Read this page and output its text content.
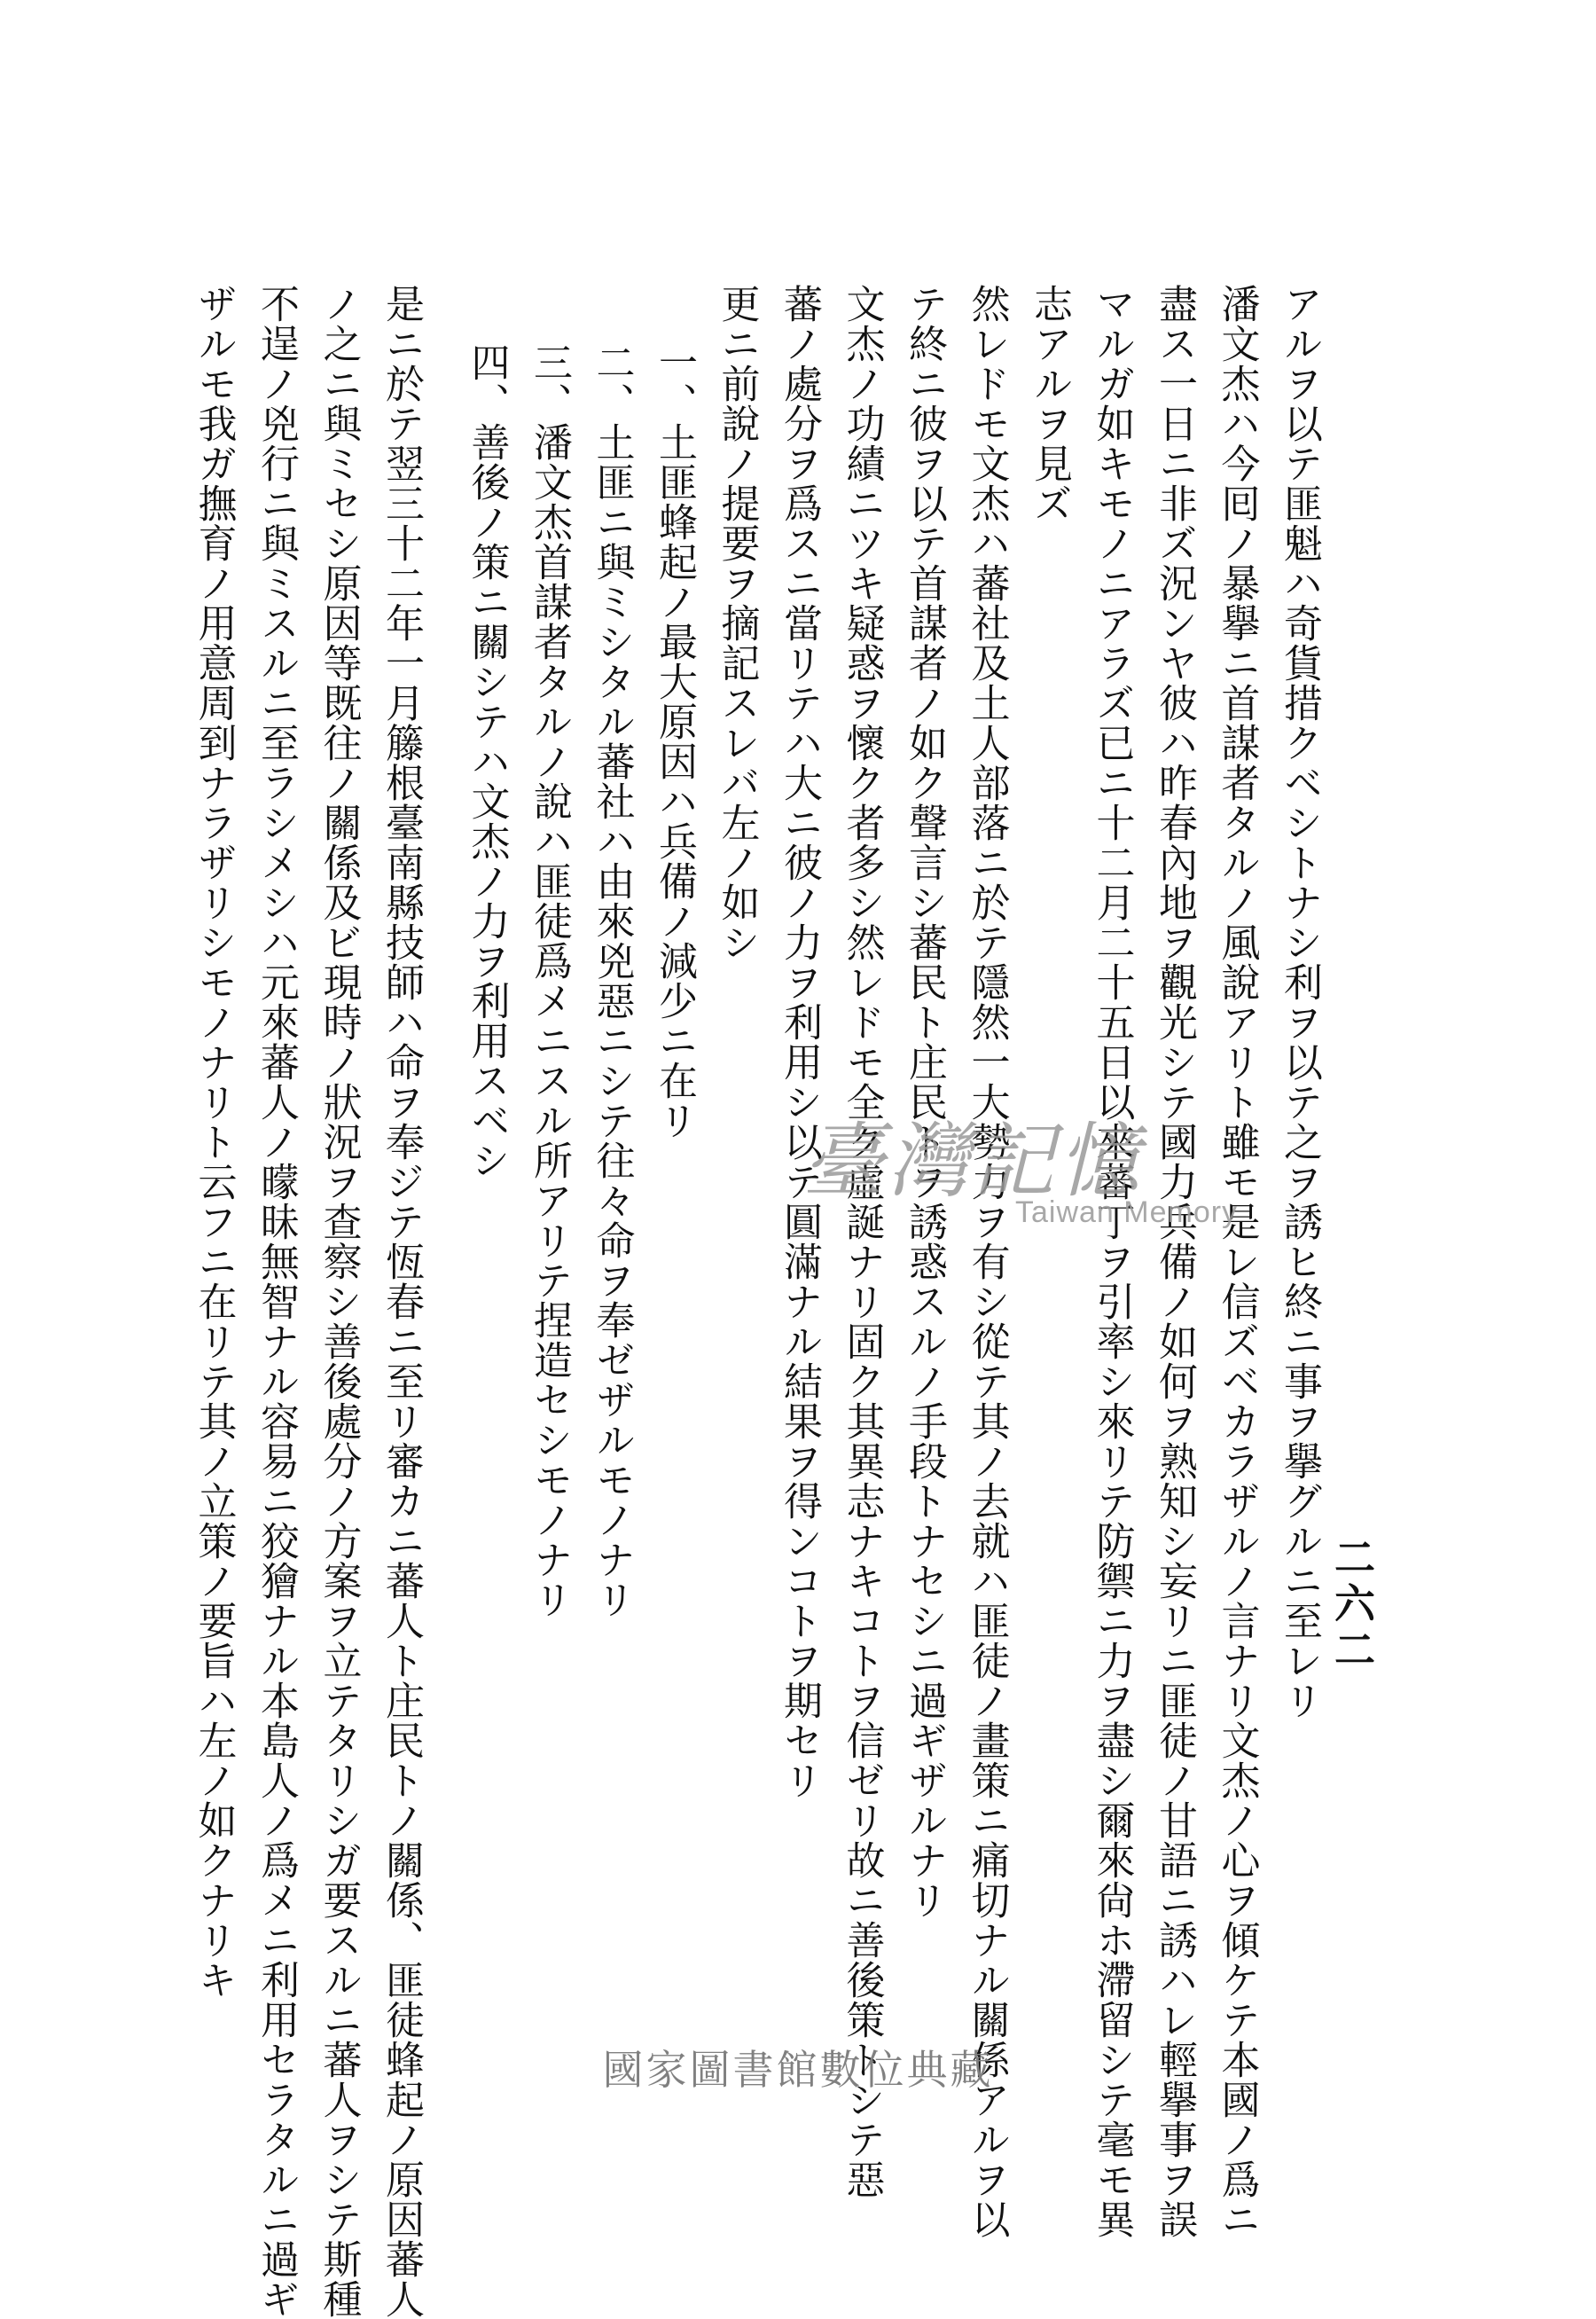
二六二
アルヲ以テ匪魁ハ奇貨措クベシトナシ利ヲ以テ之ヲ誘ヒ終ニ事ヲ擧グルニ至レリ
潘文杰ハ今囘ノ暴擧ニ首謀者タルノ風說アリト雖モ是レ信ズベカラザルノ言ナリ文杰ノ心ヲ傾ケテ本國ノ爲ニ
盡ス一日ニ非ズ況ンヤ彼ハ昨春內地ヲ觀光シテ國力兵備ノ如何ヲ熟知シ妄リニ匪徒ノ甘語ニ誘ハレ輕擧事ヲ誤
マルガ如キモノニアラズ已ニ十二月二十五日以來蕃丁ヲ引率シ來リテ防禦ニ力ヲ盡シ爾來尙ホ滯留シテ毫モ異
志アルヲ見ズ
然レドモ文杰ハ蕃社及土人部落ニ於テ隱然一大勢力ヲ有シ從テ其ノ去就ハ匪徒ノ畫策ニ痛切ナル關係アルヲ以
テ終ニ彼ヲ以テ首謀者ノ如ク聲言シ蕃民ト庄民トヲ誘惑スルノ手段トナセシニ過ギザルナリ
文杰ノ功績ニツキ疑惑ヲ懷ク者多シ然レドモ全ク虛誕ナリ固ク其異志ナキコトヲ信ゼリ故ニ善後策トシテ惡
蕃ノ處分ヲ爲スニ當リテハ大ニ彼ノ力ヲ利用シ以テ圓滿ナル結果ヲ得ンコトヲ期セリ
更ニ前說ノ提要ヲ摘記スレバ左ノ如シ
一、土匪蜂起ノ最大原因ハ兵備ノ減少ニ在リ
二、土匪ニ與ミシタル蕃社ハ由來兇惡ニシテ往々命ヲ奉ゼザルモノナリ
三、潘文杰首謀者タルノ說ハ匪徒爲メニスル所アリテ捏造セシモノナリ
四、善後ノ策ニ關シテハ文杰ノ力ヲ利用スベシ
是ニ於テ翌三十二年一月籐根臺南縣技師ハ命ヲ奉ジテ恆春ニ至リ審カニ蕃人ト庄民トノ關係、匪徒蜂起ノ原因蕃人
ノ之ニ與ミセシ原因等既往ノ關係及ビ現時ノ狀況ヲ查察シ善後處分ノ方案ヲ立テタリシガ要スルニ蕃人ヲシテ斯種
不逞ノ兇行ニ與ミスルニ至ラシメシハ元來蕃人ノ曚昧無智ナル容易ニ狡獪ナル本島人ノ爲メニ利用セラタルニ過ギ
ザルモ我ガ撫育ノ用意周到ナラザリシモノナリト云フニ在リテ其ノ立策ノ要旨ハ左ノ如クナリキ	臺灣記憶
Taiwan Memory
國家圖書館數位典藏
